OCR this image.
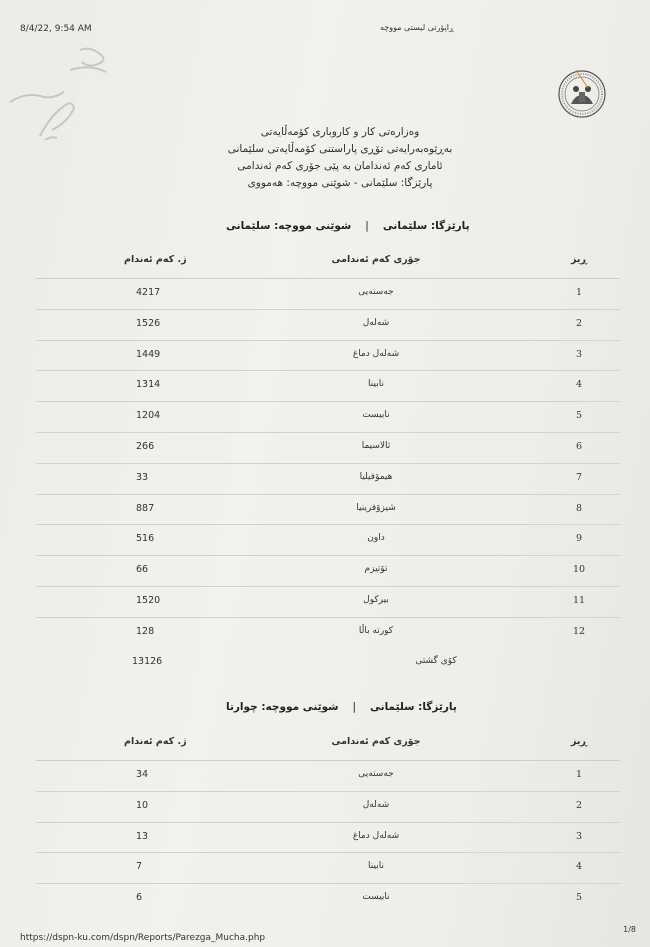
8/4/22, 9:54 AM	ڕاپۆرتی لیستی مووچە
وەزارەتی کار و کاروباری کۆمەڵایەتی
بەڕێوەبەرایەتی تۆڕی پاراستنی کۆمەڵایەتی سلێمانی
ئاماری کەم ئەندامان بە پێی جۆری کەم ئەندامی
پارێزگا: سلێمانی - شوێنی مووچە: هەمووی
پارێزگا: سلێمانی|شوێنی مووچە: سلێمانی
ژ. کەم ئەندام	جۆری کەم ئەندامی	ڕیز
4217	جەستەیی	1
1526	شەلەل	2
1449	شەلەل دماغ	3
1314	نابینا	4
1204	نابیست	5
266	ثالاسیما	6
33	هیمۆفیلیا	7
887	شیزۆفرینیا	8
516	داون	9
66	تۆتیزم	10
1520	بیرکول	11
128	کورتە باڵا	12
13126	کۆی گشتی
پارێزگا: سلێمانی|شوێنی مووچە: چوارتا
ژ. کەم ئەندام	جۆری کەم ئەندامی	ڕیز
34	جەستەیی	1
10	شەلەل	2
13	شەلەل دماغ	3
7	نابینا	4
6	نابیست	5
https://dspn-ku.com/dspn/Reports/Parezga_Mucha.php
1/8
